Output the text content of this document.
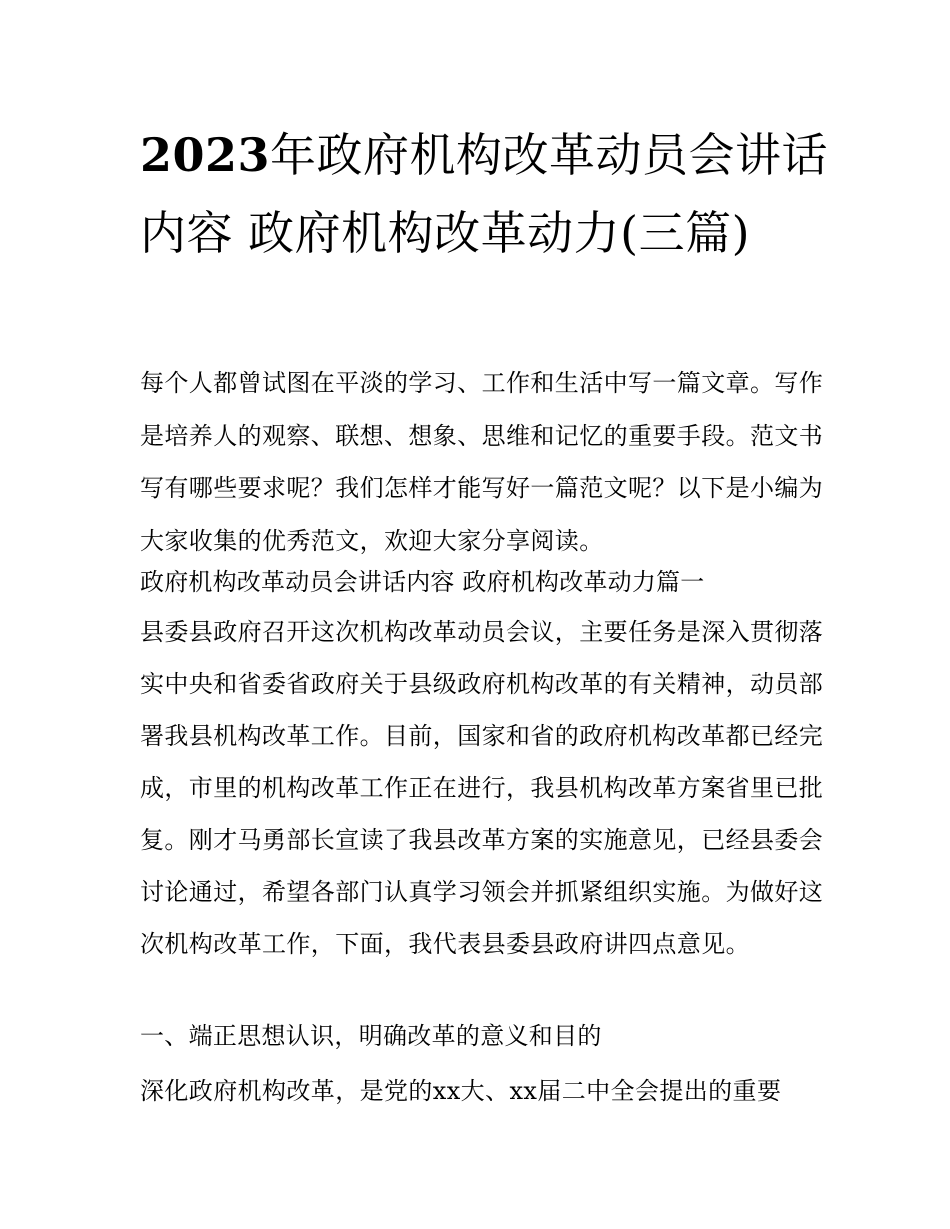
2023年政府机构改革动员会讲话内容 政府机构改革动力(三篇)

每个人都曾试图在平淡的学习、工作和生活中写一篇文章。写作是培养人的观察、联想、想象、思维和记忆的重要手段。范文书写有哪些要求呢？我们怎样才能写好一篇范文呢？以下是小编为大家收集的优秀范文，欢迎大家分享阅读。

政府机构改革动员会讲话内容 政府机构改革动力篇一

县委县政府召开这次机构改革动员会议，主要任务是深入贯彻落实中央和省委省政府关于县级政府机构改革的有关精神，动员部署我县机构改革工作。目前，国家和省的政府机构改革都已经完成，市里的机构改革工作正在进行，我县机构改革方案省里已批复。刚才马勇部长宣读了我县改革方案的实施意见，已经县委会讨论通过，希望各部门认真学习领会并抓紧组织实施。为做好这次机构改革工作，下面，我代表县委县政府讲四点意见。

一、端正思想认识，明确改革的意义和目的

深化政府机构改革，是党的xx大、xx届二中全会提出的重要
